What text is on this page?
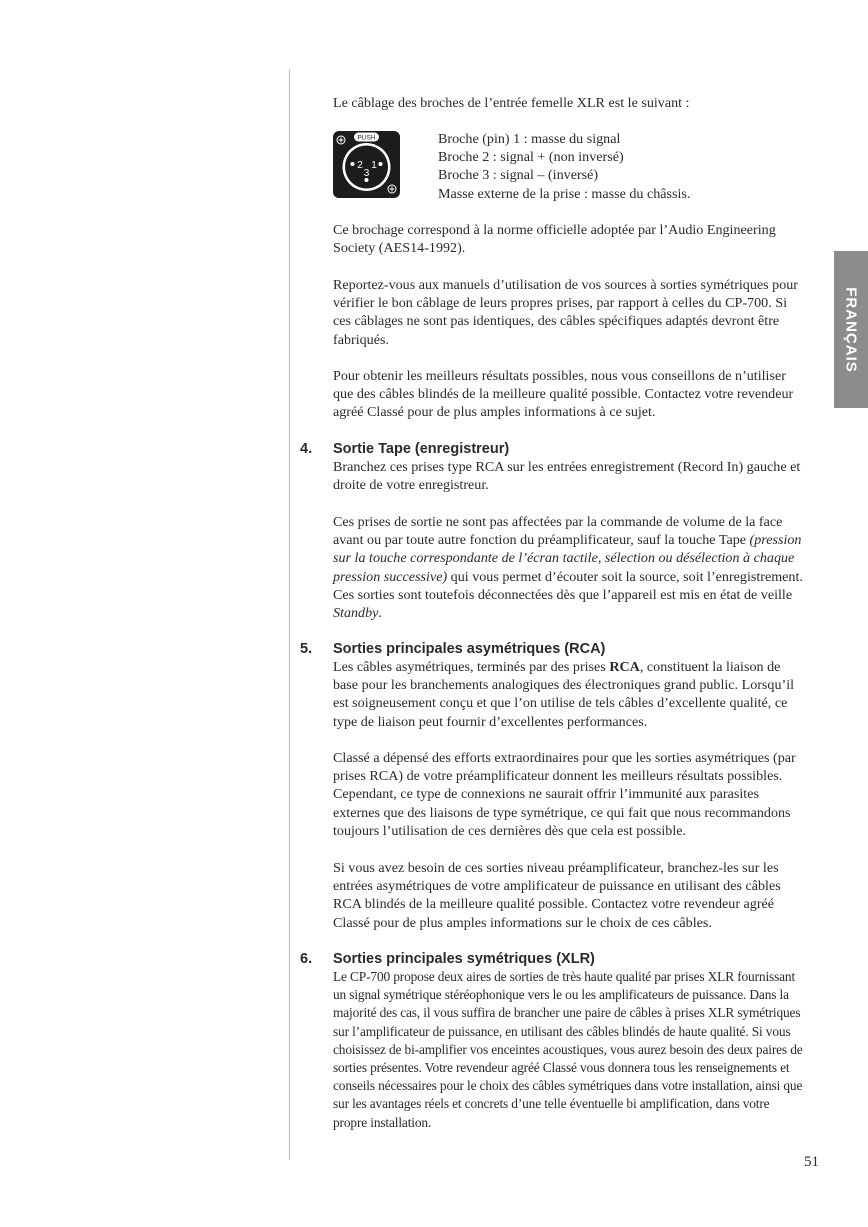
FRANÇAIS

Le câblage des broches de l’entrée femelle XLR est le suivant :

PUSH
2 1
3
Broche (pin) 1 : masse du signal
Broche 2 : signal + (non inversé)
Broche 3 : signal – (inversé)
Masse externe de la prise : masse du châssis.

Ce brochage correspond à la norme officielle adoptée par l’Audio Engineering Society (AES14-1992).

Reportez-vous aux manuels d’utilisation de vos sources à sorties symétriques pour vérifier le bon câblage de leurs propres prises, par rapport à celles du CP-700. Si ces câblages ne sont pas identiques, des câbles spécifiques adaptés devront être fabriqués.

Pour obtenir les meilleurs résultats possibles, nous vous conseillons de n’utiliser que des câbles blindés de la meilleure qualité possible. Contactez votre revendeur agréé Classé pour de plus amples informations à ce sujet.

4. Sortie Tape (enregistreur)

Branchez ces prises type RCA sur les entrées enregistrement (Record In) gauche et droite de votre enregistreur.

Ces prises de sortie ne sont pas affectées par la commande de volume de la face avant ou par toute autre fonction du préamplificateur, sauf la touche Tape (pression sur la touche correspondante de l’écran tactile, sélection ou désélection à chaque pression successive) qui vous permet d’écouter soit la source, soit l’enregistrement. Ces sorties sont toutefois déconnectées dès que l’appareil est mis en état de veille Standby.

5. Sorties principales asymétriques (RCA)

Les câbles asymétriques, terminés par des prises RCA, constituent la liaison de base pour les branchements analogiques des électroniques grand public. Lorsqu’il est soigneusement conçu et que l’on utilise de tels câbles d’excellente qualité, ce type de liaison peut fournir d’excellentes performances.

Classé a dépensé des efforts extraordinaires pour que les sorties asymétriques (par prises RCA) de votre préamplificateur donnent les meilleurs résultats possibles. Cependant, ce type de connexions ne saurait offrir l’immunité aux parasites externes que des liaisons de type symétrique, ce qui fait que nous recommandons toujours l’utilisation de ces dernières dès que cela est possible.

Si vous avez besoin de ces sorties niveau préamplificateur, branchez-les sur les entrées asymétriques de votre amplificateur de puissance en utilisant des câbles RCA blindés de la meilleure qualité possible. Contactez votre revendeur agréé Classé pour de plus amples informations sur le choix de ces câbles.

6. Sorties principales symétriques (XLR)

Le CP-700 propose deux aires de sorties de très haute qualité par prises XLR fournissant un signal symétrique stéréophonique vers le ou les amplificateurs de puissance. Dans la majorité des cas, il vous suffira de brancher une paire de câbles à prises XLR symétriques sur l’amplificateur de puissance, en utilisant des câbles blindés de haute qualité. Si vous choisissez de bi-amplifier vos enceintes acoustiques, vous aurez besoin des deux paires de sorties présentes. Votre revendeur agréé Classé vous donnera tous les renseignements et conseils nécessaires pour le choix des câbles symétriques dans votre installation, ainsi que sur les avantages réels et concrets d’une telle éventuelle bi amplification, dans votre propre installation.

51
